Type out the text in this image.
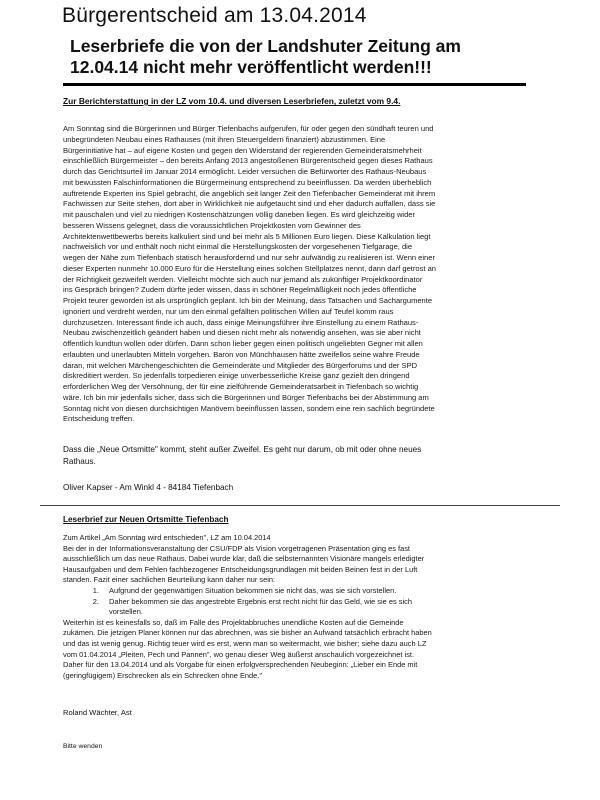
Bürgerentscheid am 13.04.2014
Leserbriefe die von der Landshuter Zeitung am
12.04.14 nicht mehr veröffentlicht werden!!!
Zur Berichterstattung in der LZ vom 10.4. und diversen Leserbriefen, zuletzt vom 9.4.
Am Sonntag sind die Bürgerinnen und Bürger Tiefenbachs aufgerufen, für oder gegen den sündhaft teuren und
unbegründeten Neubau eines Rathauses (mit ihren Steuergeldern finanziert) abzustimmen. Eine
Bürgerinitiative hat – auf eigene Kosten und gegen den Widerstand der regierenden Gemeinderatsmehrheit
einschließlich Bürgermeister – den bereits Anfang 2013 angestoßenen Bürgerentscheid gegen dieses Rathaus
durch das Gerichtsurteil im Januar 2014 ermöglicht. Leider versuchen die Befürworter des Rathaus-Neubaus
mit bewussten Falschinformationen die Bürgermeinung entsprechend zu beeinflussen. Da werden überheblich
auftretende Experten ins Spiel gebracht, die angeblich seit langer Zeit den Tiefenbacher Gemeinderat mit ihrem
Fachwissen zur Seite stehen, dort aber in Wirklichkeit nie aufgetaucht sind und eher dadurch auffallen, dass sie
mit pauschalen und viel zu niedrigen Kostenschätzungen völlig daneben liegen. Es wird gleichzeitig wider
besseren Wissens gelegnet, dass die voraussichtlichen Projektkosten vom Gewinner des
Architektenwettbewerbs bereits kalkuliert sind und bei mehr als 5 Millionen Euro liegen. Diese Kalkulation liegt
nachweislich vor und enthält noch nicht einmal die Herstellungskosten der vorgesehenen Tiefgarage, die
wegen der Nähe zum Tiefenbach statisch herausfordernd und nur sehr aufwändig zu realisieren ist. Wenn einer
dieser Experten nunmehr 10.000 Euro für die Herstellung eines solchen Stellplatzes nennt, dann darf getrost an
der Richtigkeit gezweifelt werden. Vielleicht möchte sich auch nur jemand als zukünftiger Projektkoordinator
ins Gespräch bringen? Zudem dürfte jeder wissen, dass in schöner Regelmäßigkeit noch jedes öffentliche
Projekt teurer geworden ist als ursprünglich geplant. Ich bin der Meinung, dass Tatsachen und Sachargumente
ignoriert und verdreht werden, nur um den einmal gefällten politischen Willen auf Teufel komm raus
durchzusetzen. Interessant finde ich auch, dass einige Meinungsführer ihre Einstellung zu einem Rathaus-
Neubau zwischenzeitlich geändert haben und diesen nicht mehr als notwendig ansehen, was sie aber nicht
öffentlich kundtun wollen oder dürfen. Dann schon lieber gegen einen politisch ungeliebten Gegner mit allen
erlaubten und unerlaubten Mitteln vorgehen. Baron von Münchhausen hätte zweifellos seine wahre Freude
daran, mit welchen Märchengeschichten die Gemeinderäte und Mitglieder des Bürgerforums und der SPD
diskreditiert werden. So jedenfalls torpedieren einige unverbesserliche Kreise ganz gezielt den dringend
erforderlichen Weg der Versöhnung, der für eine zielführende Gemeinderatsarbeit in Tiefenbach so wichtig
wäre. Ich bin mir jedenfalls sicher, dass sich die Bürgerinnen und Bürger Tiefenbachs bei der Abstimmung am
Sonntag nicht von diesen durchsichtigen Manövern beeinflussen lassen, sondern eine rein sachlich begründete
Entscheidung treffen.
Dass die „Neue Ortsmitte" kommt, steht außer Zweifel. Es geht nur darum, ob mit oder ohne neues
Rathaus.
Oliver Kapser - Am Winkl 4 - 84184 Tiefenbach
Leserbrief zur Neuen Ortsmitte Tiefenbach
Zum Artikel „Am Sonntag wird entschieden", LZ am 10.04.2014
Bei der in der Informationsveranstaltung der CSU/FDP als Vision vorgetragenen Präsentation ging es fast
ausschließlich um das neue Rathaus. Dabei wurde klar, daß die selbsternannten Visionäre mangels erledigter
Hausaufgaben und dem Fehlen fachbezogener Entscheidungsgrundlagen mit beiden Beinen fest in der Luft
standen. Fazit einer sachlichen Beurteilung kann daher nur sein:
1. Aufgrund der gegenwärtigen Situation bekommen sie nicht das, was sie sich vorstellen.
2. Daher bekommen sie das angestrebte Ergebnis erst recht nicht für das Geld, wie sie es sich
vorstellen.
Weiterhin ist es keinesfalls so, daß im Falle des Projektabbruches unendliche Kosten auf die Gemeinde
zukämen. Die jetzigen Planer können nur das abrechnen, was sie bisher an Aufwand tatsächlich erbracht haben
und das ist wenig genug. Richtig teuer wird es erst, wenn man so weitermacht, wie bisher; siehe dazu auch LZ
vom 01.04.2014 „Pleiten, Pech und Pannen", wo genau dieser Weg äußerst anschaulich vorgezeichnet ist.
Daher für den 13.04.2014 und als Vorgabe für einen erfolgversprechenden Neubeginn: „Lieber ein Ende mit
(geringfügigem) Erschrecken als ein Schrecken ohne Ende."
Roland Wächter, Ast
Bitte wenden
